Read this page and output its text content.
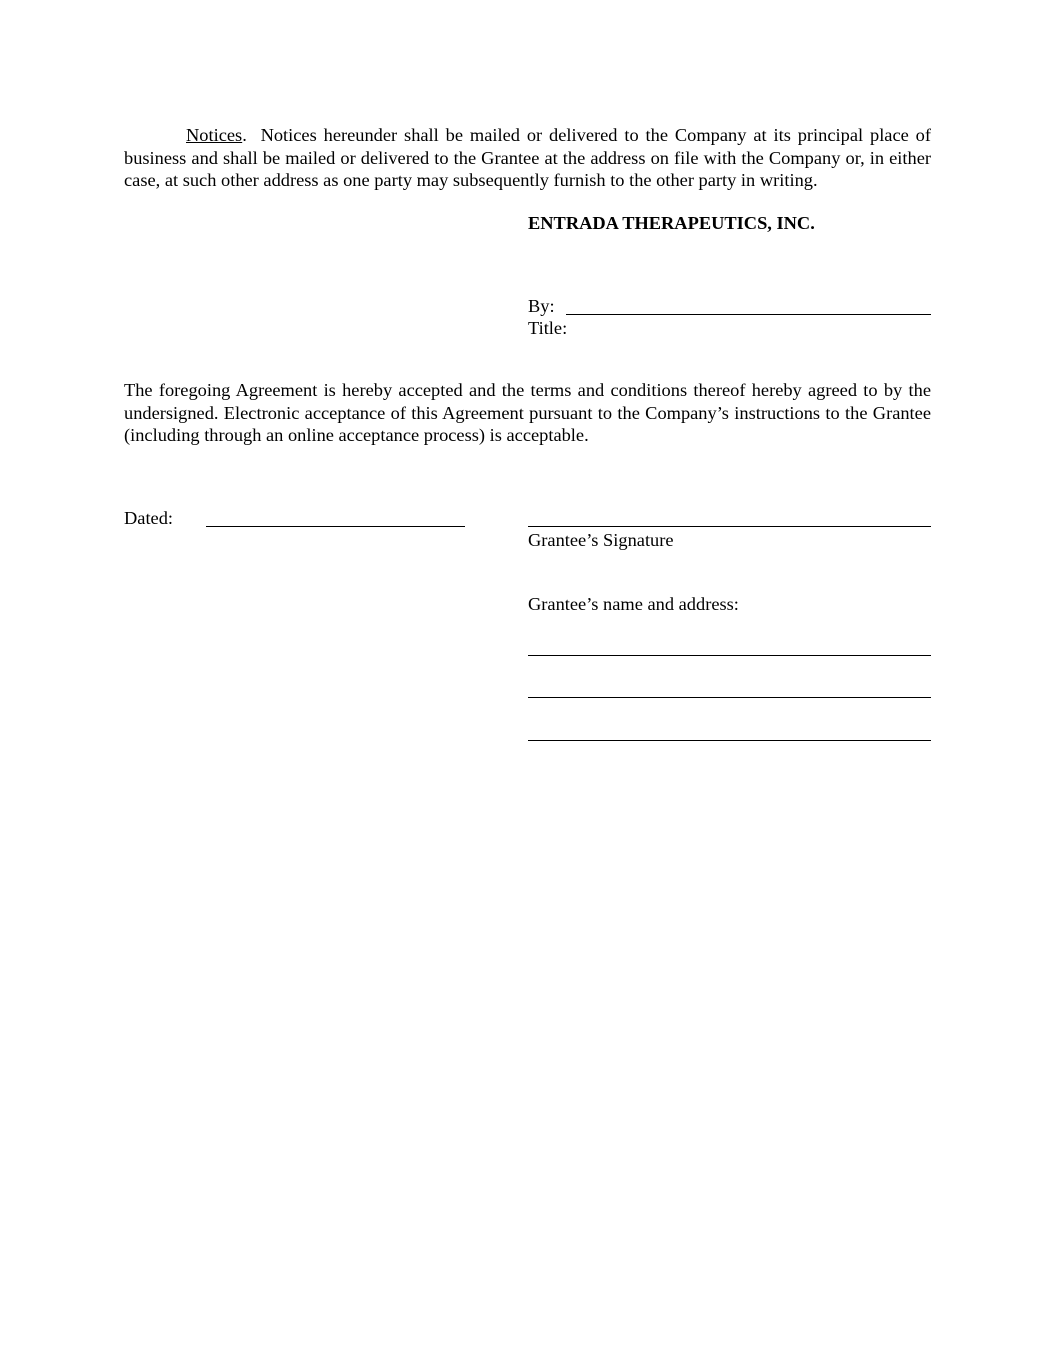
Notices.  Notices hereunder shall be mailed or delivered to the Company at its principal place of business and shall be mailed or delivered to the Grantee at the address on file with the Company or, in either case, at such other address as one party may subsequently furnish to the other party in writing.

ENTRADA THERAPEUTICS, INC.
By:
Title:

The foregoing Agreement is hereby accepted and the terms and conditions thereof hereby agreed to by the undersigned. Electronic acceptance of this Agreement pursuant to the Company’s instructions to the Grantee (including through an online acceptance process) is acceptable.

Dated:
Grantee’s Signature
Grantee’s name and address:
